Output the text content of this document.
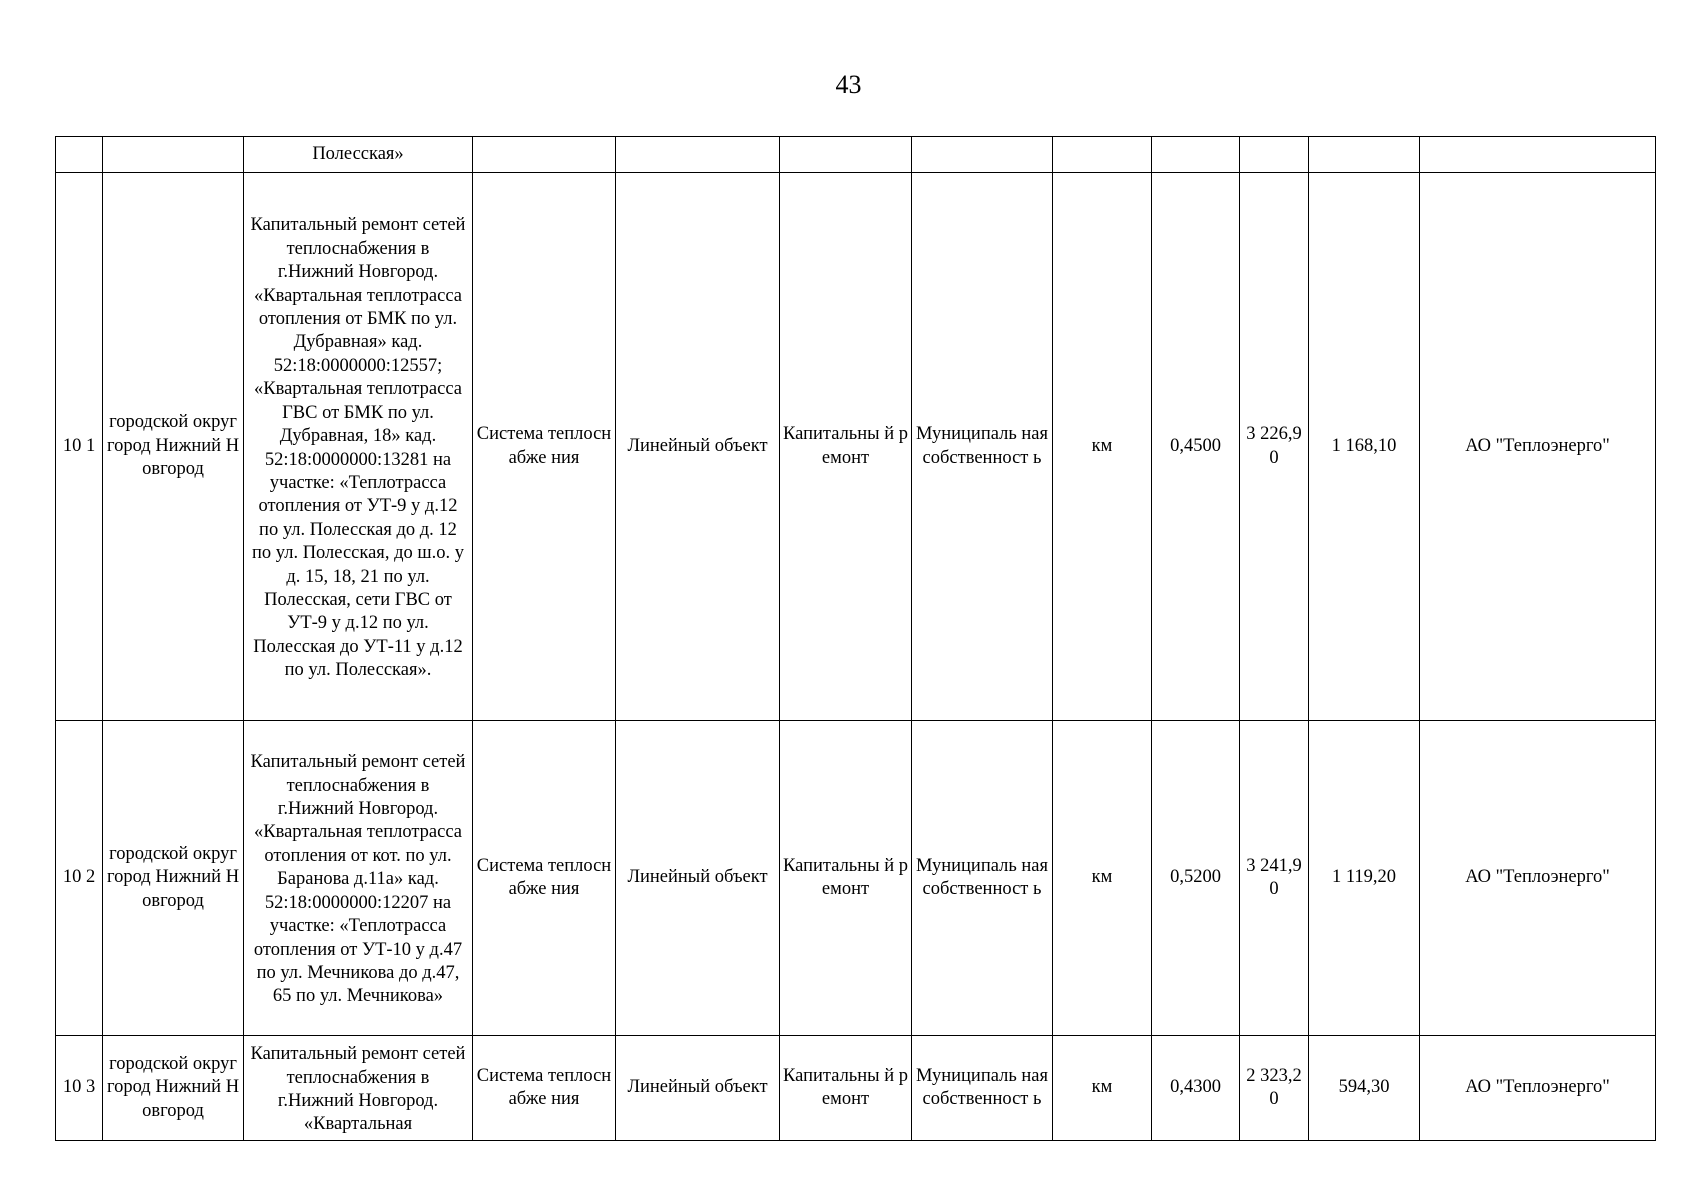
43
		Полесская»									
10 1	городской округ город Нижний Новгород	Капитальный ремонт сетей теплоснабжения в г.Нижний Новгород. «Квартальная теплотрасса отопления от БМК по ул. Дубравная» кад. 52:18:0000000:12557; «Квартальная теплотрасса ГВС от БМК по ул. Дубравная, 18» кад. 52:18:0000000:13281 на участке: «Теплотрасса отопления от УТ-9 у д.12 по ул. Полесская до д. 12 по ул. Полесская, до ш.о. у д. 15, 18, 21 по ул. Полесская, сети ГВС от УТ-9 у д.12 по ул. Полесская до УТ-11 у д.12 по ул. Полесская».	Система теплоснабже ния	Линейный объект	Капитальны й ремонт	Муниципаль ная собственност ь	км	0,4500	3 226,9 0	1 168,10	АО "Теплоэнерго"
10 2	городской округ город Нижний Новгород	Капитальный ремонт сетей теплоснабжения в г.Нижний Новгород. «Квартальная теплотрасса отопления от кот. по ул. Баранова д.11а» кад. 52:18:0000000:12207 на участке: «Теплотрасса отопления от УТ-10 у д.47 по ул. Мечникова до д.47, 65 по ул. Мечникова»	Система теплоснабже ния	Линейный объект	Капитальны й ремонт	Муниципаль ная собственност ь	км	0,5200	3 241,9 0	1 119,20	АО "Теплоэнерго"
10 3	городской округ город Нижний Новгород	Капитальный ремонт сетей теплоснабжения в г.Нижний Новгород. «Квартальная	Система теплоснабже ния	Линейный объект	Капитальны й ремонт	Муниципаль ная собственност ь	км	0,4300	2 323,2 0	594,30	АО "Теплоэнерго"
